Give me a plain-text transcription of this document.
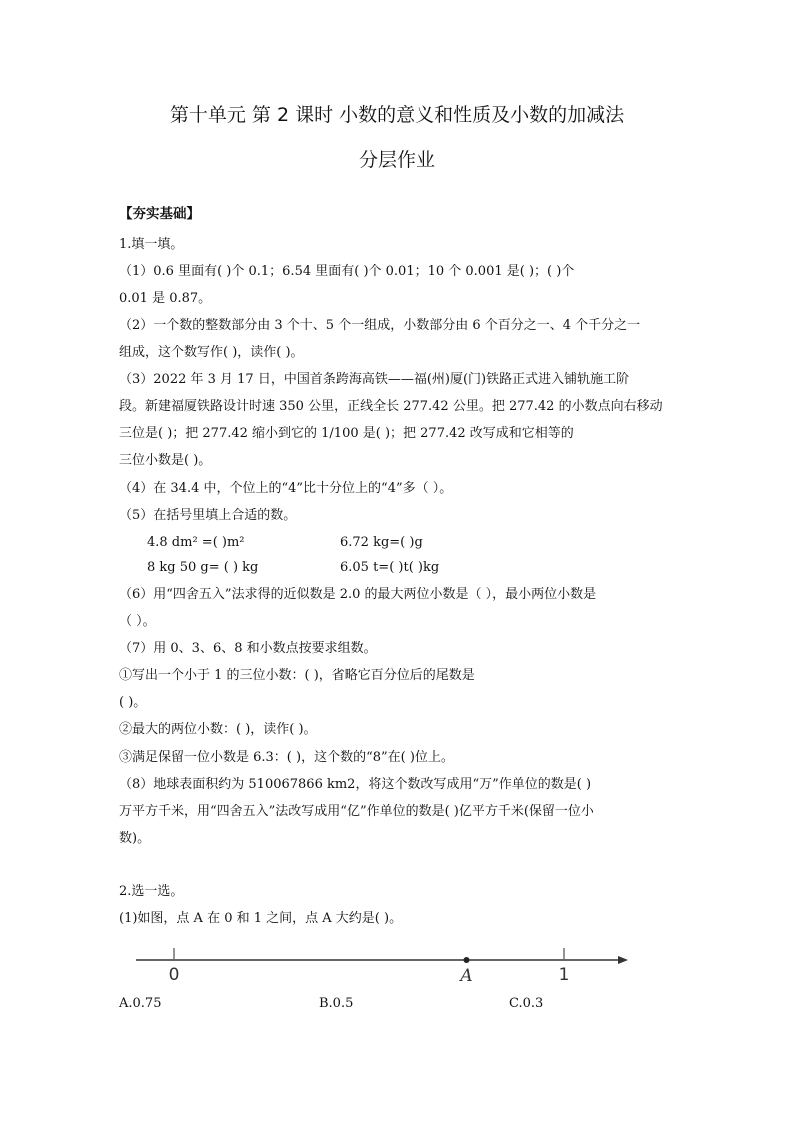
第十单元 第 2 课时 小数的意义和性质及小数的加减法
分层作业
【夯实基础】
1.填一填。
（1）0.6 里面有( )个 0.1；6.54 里面有( )个 0.01；10 个 0.001 是( )；( )个
0.01 是 0.87。
（2）一个数的整数部分由 3 个十、5 个一组成，小数部分由 6 个百分之一、4 个千分之一
组成，这个数写作( )，读作( )。
（3）2022 年 3 月 17 日，中国首条跨海高铁——福(州)厦(门)铁路正式进入铺轨施工阶
段。新建福厦铁路设计时速 350 公里，正线全长 277.42 公里。把 277.42 的小数点向右移动
三位是( )；把 277.42 缩小到它的 1/100 是( )；把 277.42 改写成和它相等的
三位小数是( )。
（4）在 34.4 中，个位上的“4”比十分位上的“4”多（ ）。
（5）在括号里填上合适的数。
4.8 dm² =( )m²	6.72 kg=( )g
8 kg 50 g= ( ) kg	6.05 t=( )t( )kg
（6）用“四舍五入”法求得的近似数是 2.0 的最大两位小数是（ ），最小两位小数是
（ ）。
（7）用 0、3、6、8 和小数点按要求组数。
①写出一个小于 1 的三位小数：( )，省略它百分位后的尾数是
( )。
②最大的两位小数：( )，读作( )。
③满足保留一位小数是 6.3：( )，这个数的“8”在( )位上。
（8）地球表面积约为 510067866 km2，将这个数改写成用“万”作单位的数是( )
万平方千米，用“四舍五入”法改写成用“亿”作单位的数是( )亿平方千米(保留一位小
数)。
2.选一选。
(1)如图，点 A 在 0 和 1 之间，点 A 大约是( )。
0	A	1
A.0.75	B.0.5	C.0.3
